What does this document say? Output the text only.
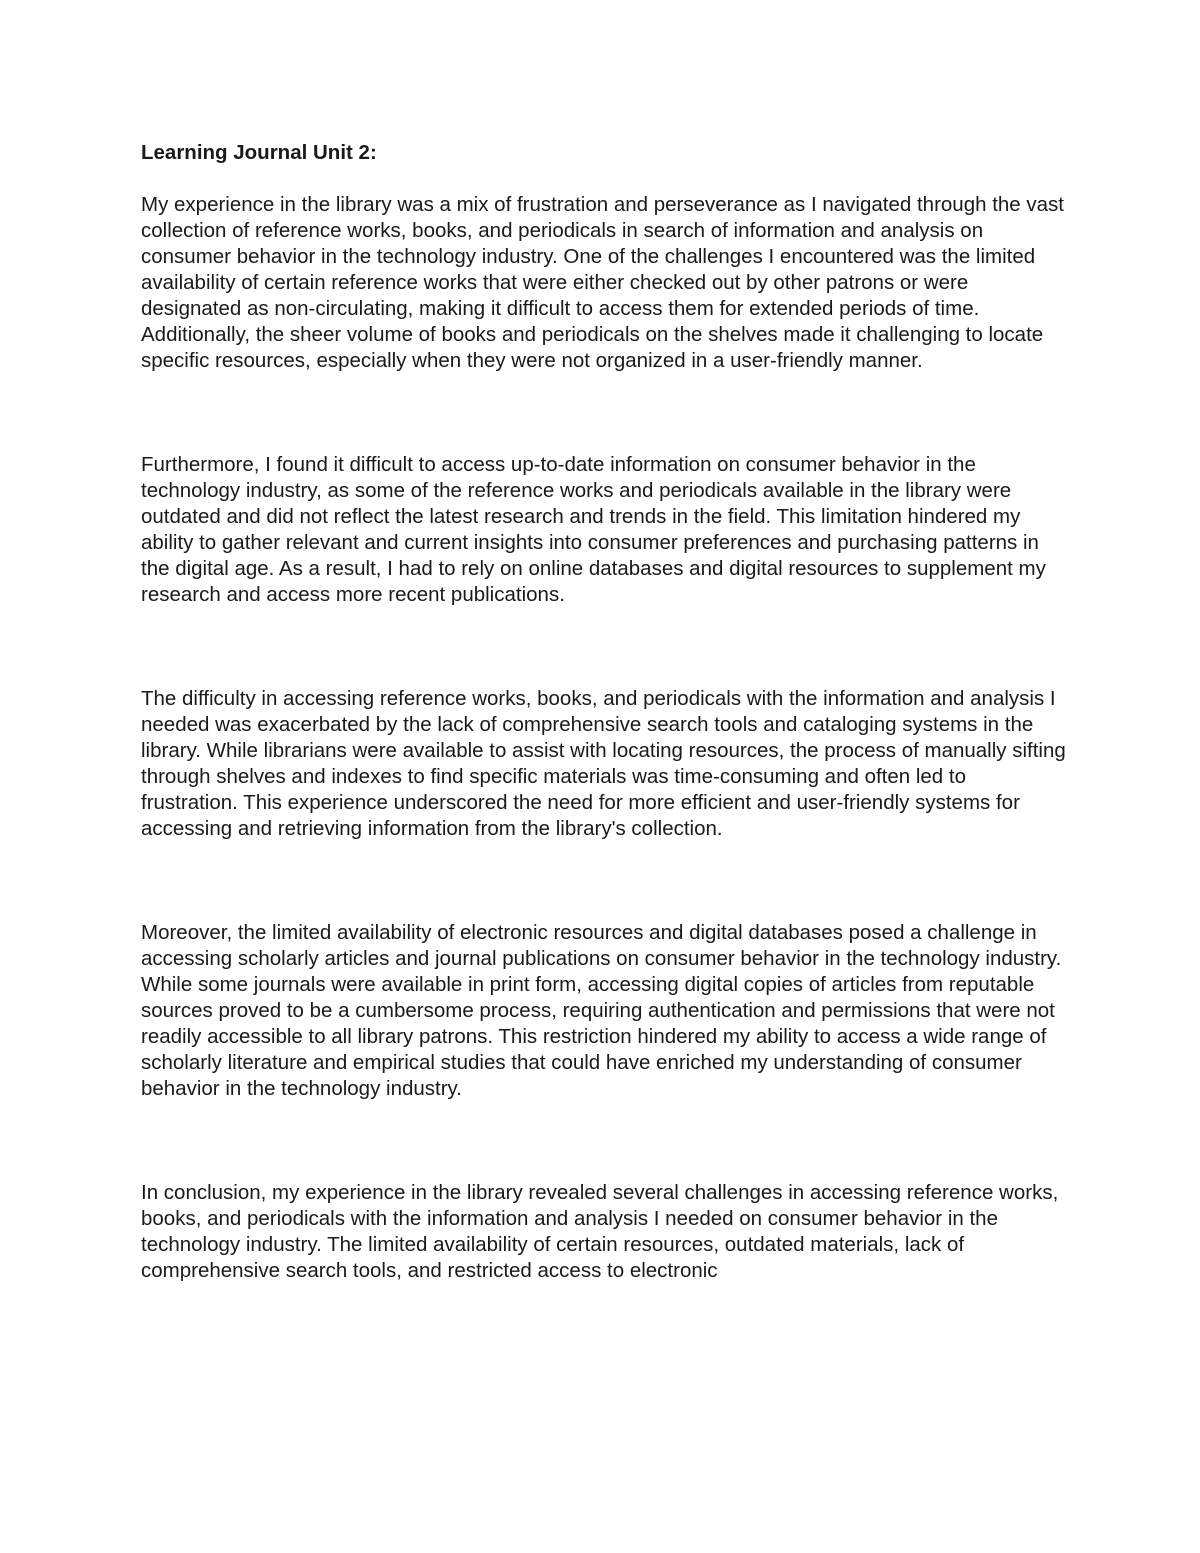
Learning Journal Unit 2:

My experience in the library was a mix of frustration and perseverance as I navigated through the vast collection of reference works, books, and periodicals in search of information and analysis on consumer behavior in the technology industry. One of the challenges I encountered was the limited availability of certain reference works that were either checked out by other patrons or were designated as non-circulating, making it difficult to access them for extended periods of time. Additionally, the sheer volume of books and periodicals on the shelves made it challenging to locate specific resources, especially when they were not organized in a user-friendly manner.

Furthermore, I found it difficult to access up-to-date information on consumer behavior in the technology industry, as some of the reference works and periodicals available in the library were outdated and did not reflect the latest research and trends in the field. This limitation hindered my ability to gather relevant and current insights into consumer preferences and purchasing patterns in the digital age. As a result, I had to rely on online databases and digital resources to supplement my research and access more recent publications.

The difficulty in accessing reference works, books, and periodicals with the information and analysis I needed was exacerbated by the lack of comprehensive search tools and cataloging systems in the library. While librarians were available to assist with locating resources, the process of manually sifting through shelves and indexes to find specific materials was time-consuming and often led to frustration. This experience underscored the need for more efficient and user-friendly systems for accessing and retrieving information from the library's collection.

Moreover, the limited availability of electronic resources and digital databases posed a challenge in accessing scholarly articles and journal publications on consumer behavior in the technology industry. While some journals were available in print form, accessing digital copies of articles from reputable sources proved to be a cumbersome process, requiring authentication and permissions that were not readily accessible to all library patrons. This restriction hindered my ability to access a wide range of scholarly literature and empirical studies that could have enriched my understanding of consumer behavior in the technology industry.

In conclusion, my experience in the library revealed several challenges in accessing reference works, books, and periodicals with the information and analysis I needed on consumer behavior in the technology industry. The limited availability of certain resources, outdated materials, lack of comprehensive search tools, and restricted access to electronic
